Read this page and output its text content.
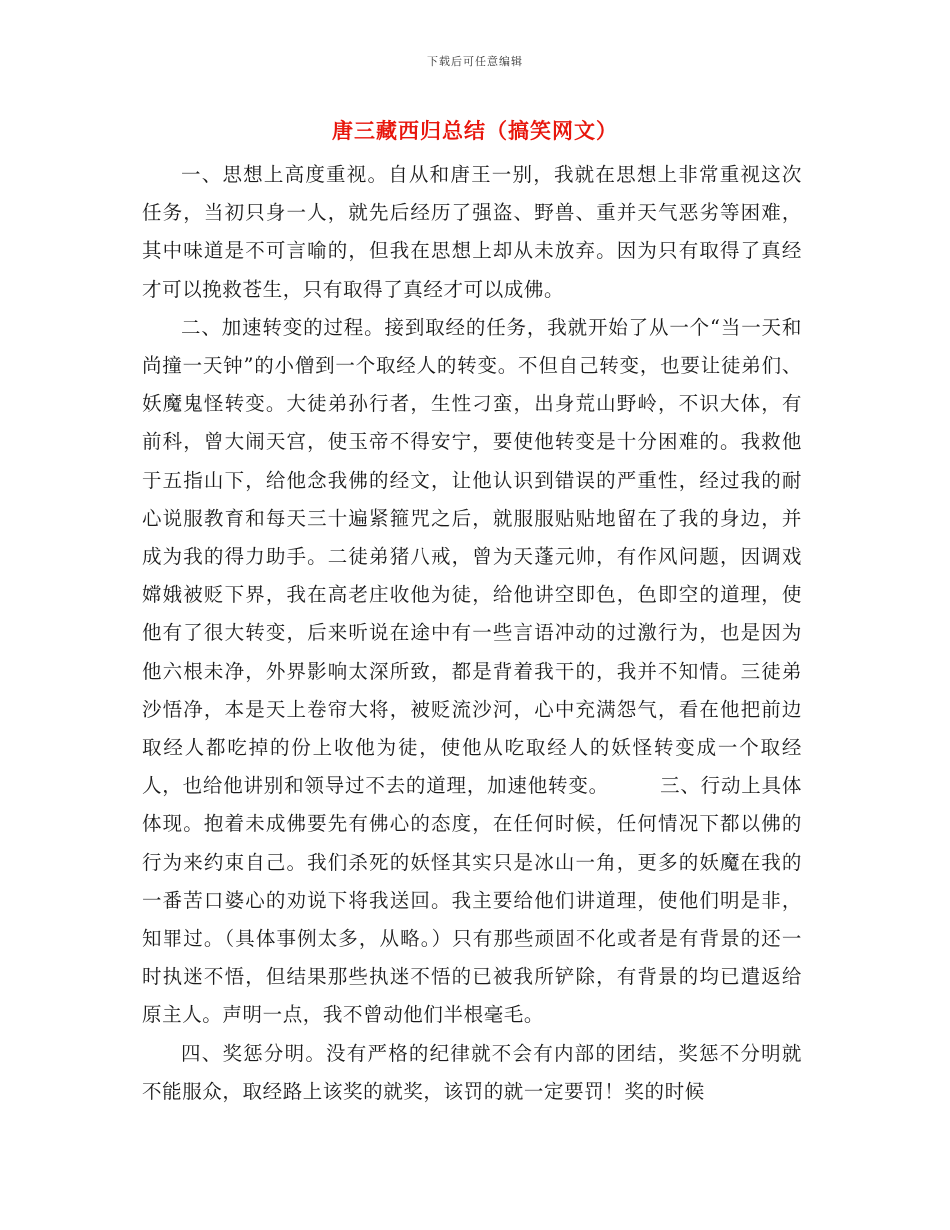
下载后可任意编辑
唐三藏西归总结（搞笑网文）

一、思想上高度重视。自从和唐王一别，我就在思想上非常重视这次任务，当初只身一人，就先后经历了强盗、野兽、重并天气恶劣等困难，其中味道是不可言喻的，但我在思想上却从未放弃。因为只有取得了真经才可以挽救苍生，只有取得了真经才可以成佛。

二、加速转变的过程。接到取经的任务，我就开始了从一个“当一天和尚撞一天钟”的小僧到一个取经人的转变。不但自己转变，也要让徒弟们、妖魔鬼怪转变。大徒弟孙行者，生性刁蛮，出身荒山野岭，不识大体，有前科，曾大闹天宫，使玉帝不得安宁，要使他转变是十分困难的。我救他于五指山下，给他念我佛的经文，让他认识到错误的严重性，经过我的耐心说服教育和每天三十遍紧箍咒之后，就服服贴贴地留在了我的身边，并成为我的得力助手。二徒弟猪八戒，曾为天蓬元帅，有作风问题，因调戏嫦娥被贬下界，我在高老庄收他为徒，给他讲空即色，色即空的道理，使他有了很大转变，后来听说在途中有一些言语冲动的过激行为，也是因为他六根未净，外界影响太深所致，都是背着我干的，我并不知情。三徒弟沙悟净，本是天上卷帘大将，被贬流沙河，心中充满怨气，看在他把前边取经人都吃掉的份上收他为徒，使他从吃取经人的妖怪转变成一个取经人，也给他讲别和领导过不去的道理，加速他转变。　　　三、行动上具体体现。抱着未成佛要先有佛心的态度，在任何时候，任何情况下都以佛的行为来约束自己。我们杀死的妖怪其实只是冰山一角，更多的妖魔在我的一番苦口婆心的劝说下将我送回。我主要给他们讲道理，使他们明是非，知罪过。（具体事例太多，从略。）只有那些顽固不化或者是有背景的还一时执迷不悟，但结果那些执迷不悟的已被我所铲除，有背景的均已遣返给原主人。声明一点，我不曾动他们半根毫毛。

四、奖惩分明。没有严格的纪律就不会有内部的团结，奖惩不分明就不能服众，取经路上该奖的就奖，该罚的就一定要罚！奖的时候
